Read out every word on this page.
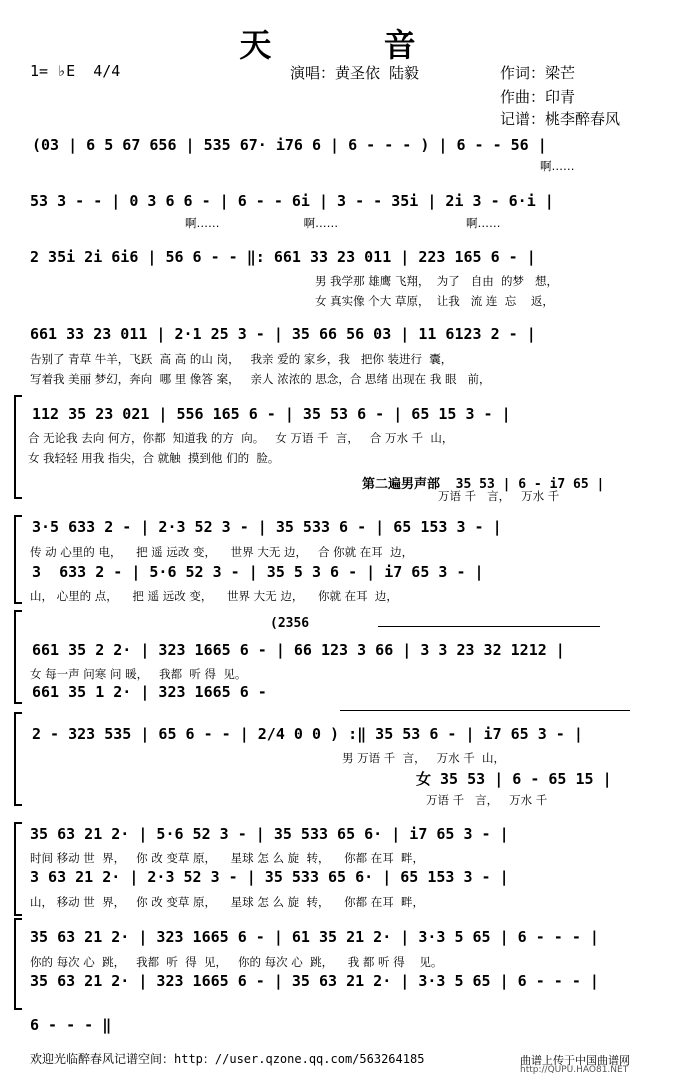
天  音
1= ♭E  4/4	演唱：黄圣依 陆毅	作词：梁芒
作曲：印青
记谱：桃李醉春风
(03 | 6 5 67 656 | 535 67· i76 6 | 6 - - - ) | 6 - - 56 |
啊……
53 3 - - | 0 3 6 6 - | 6 - - 6i | 3 - - 35i | 2i 3 - 6·i |
啊……                       啊……                                   啊……
2 35i 2i 6i6 | 56 6 - - ‖: 661 33 23 011 | 223 165 6 - |
男 我学那 雄鹰 飞翔，  为了   自由  的梦   想，
女 真实像 个大 草原，  让我   流 连  忘    返，
661 33 23 011 | 2·1 25 3 - | 35 66 56 03 | 11 6123 2 - |
告别了 青草 牛羊，飞跃  高 高 的山 岗，   我亲 爱的 家乡，我   把你 装进行  囊，
写着我 美丽 梦幻，奔向  哪 里 像答 案，   亲人 浓浓的 思念，合 思绪 出现在 我 眼   前，
112 35 23 021 | 556 165 6 - | 35 53 6 - | 65 15 3 - |
合 无论我 去向 何方，你都  知道我 的方  向。   女 万语 千  言，   合 万水 千  山，
女 我轻轻 用我 指尖，合 就触  摸到他 们的  脸。
第二遍男声部  35 53 | 6 - i7 65 |
万语 千   言，   万水 千
3·5 633 2 - | 2·3 52 3 - | 35 533 6 - | 65 153 3 - |
传 动 心里的 电，    把 遥 远改 变，    世界 大无 边，   合 你就 在耳  边，
3  633 2 - | 5·6 52 3 - | 35 5 3 6 - | i7 65 3 - |
山， 心里的 点，    把 遥 远改 变，    世界 大无 边，    你就 在耳  边，
(2356
661 35 2 2· | 323 1665 6 - | 66 123 3 66 | 3 3 23 32 1212 |
女 每一声 问寒 问 暖，   我都  听 得  见。
661 35 1 2· | 323 1665 6 -
2 - 323 535 | 65 6 - - | 2/4 0 0 ) :‖ 35 53 6 - | i7 65 3 - |
男 万语 千  言，   万水 千  山，
女 35 53 | 6 - 65 15 |
万语 千   言，   万水 千
35 63 21 2· | 5·6 52 3 - | 35 533 65 6· | i7 65 3 - |
时间 移动 世  界，   你 改 变草 原，    星球 怎 么 旋  转，    你都 在耳  畔，
3 63 21 2· | 2·3 52 3 - | 35 533 65 6· | 65 153 3 - |
山， 移动 世  界，   你 改 变草 原，    星球 怎 么 旋  转，    你都 在耳  畔，
35 63 21 2· | 323 1665 6 - | 61 35 21 2· | 3·3 5 65 | 6 - - - |
你的 每次 心  跳，   我都  听  得  见，   你的 每次 心  跳，    我 都 听 得    见。
35 63 21 2· | 323 1665 6 - | 35 63 21 2· | 3·3 5 65 | 6 - - - |
6 - - - ‖
欢迎光临醉春风记谱空间：http：//user.qzone.qq.com/563264185	曲谱上传于中国曲谱网
http://QUPU.HAO81.NET
